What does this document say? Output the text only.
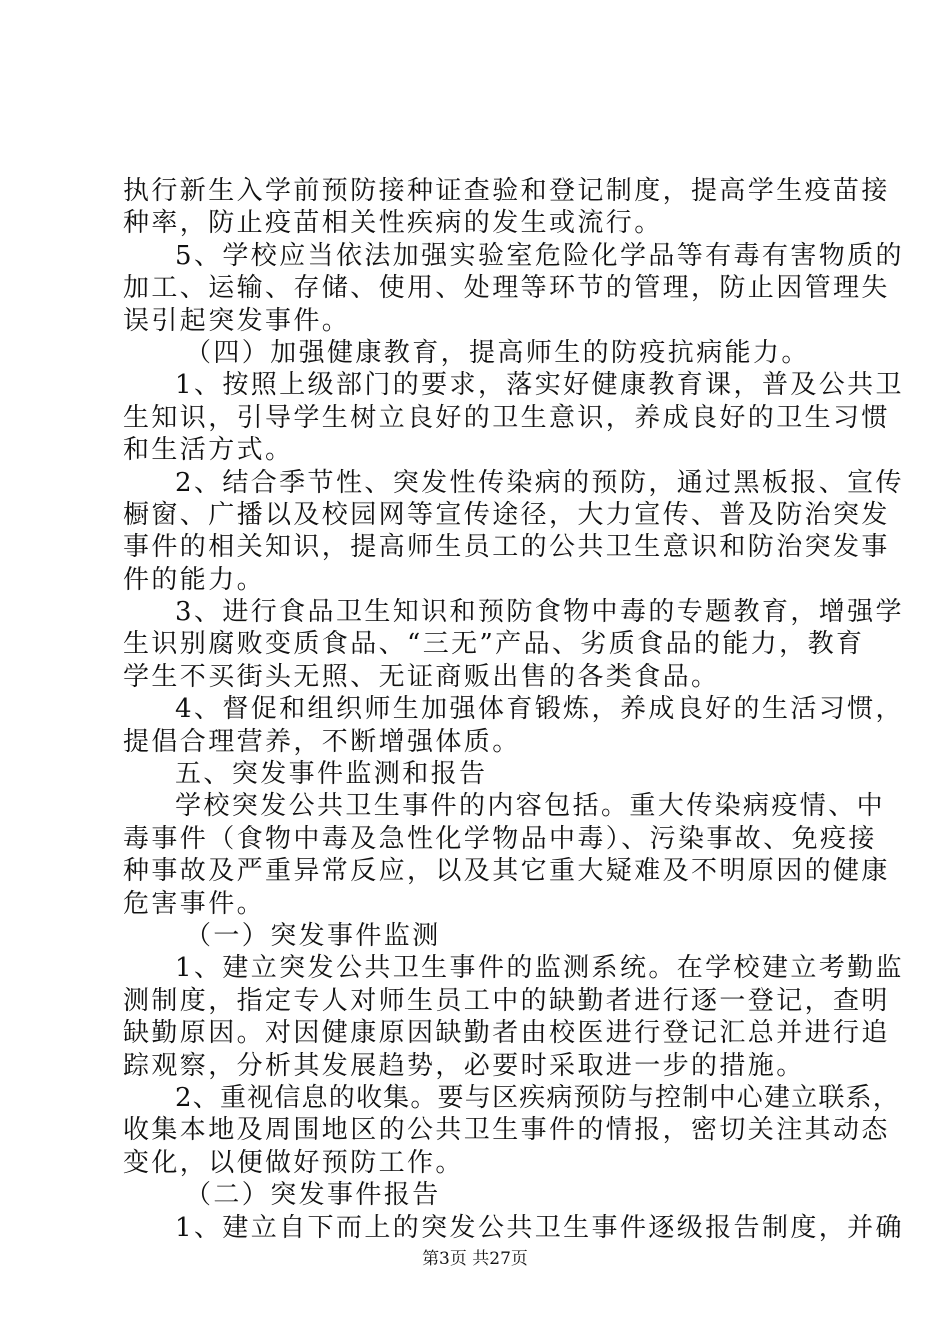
执行新生入学前预防接种证查验和登记制度，提高学生疫苗接
种率，防止疫苗相关性疾病的发生或流行。
5、学校应当依法加强实验室危险化学品等有毒有害物质的
加工、运输、存储、使用、处理等环节的管理，防止因管理失
误引起突发事件。
（四）加强健康教育，提高师生的防疫抗病能力。
1、按照上级部门的要求，落实好健康教育课，普及公共卫
生知识，引导学生树立良好的卫生意识，养成良好的卫生习惯
和生活方式。
2、结合季节性、突发性传染病的预防，通过黑板报、宣传
橱窗、广播以及校园网等宣传途径，大力宣传、普及防治突发
事件的相关知识，提高师生员工的公共卫生意识和防治突发事
件的能力。
3、进行食品卫生知识和预防食物中毒的专题教育，增强学
生识别腐败变质食品、“三无”产品、劣质食品的能力，教育
学生不买街头无照、无证商贩出售的各类食品。
4、督促和组织师生加强体育锻炼，养成良好的生活习惯，
提倡合理营养，不断增强体质。
五、突发事件监测和报告
学校突发公共卫生事件的内容包括。重大传染病疫情、中
毒事件（食物中毒及急性化学物品中毒）、污染事故、免疫接
种事故及严重异常反应，以及其它重大疑难及不明原因的健康
危害事件。
（一）突发事件监测
1、建立突发公共卫生事件的监测系统。在学校建立考勤监
测制度，指定专人对师生员工中的缺勤者进行逐一登记，查明
缺勤原因。对因健康原因缺勤者由校医进行登记汇总并进行追
踪观察，分析其发展趋势，必要时采取进一步的措施。
2、重视信息的收集。要与区疾病预防与控制中心建立联系，
收集本地及周围地区的公共卫生事件的情报，密切关注其动态
变化，以便做好预防工作。
（二）突发事件报告
1、建立自下而上的突发公共卫生事件逐级报告制度，并确
第3页 共27页
